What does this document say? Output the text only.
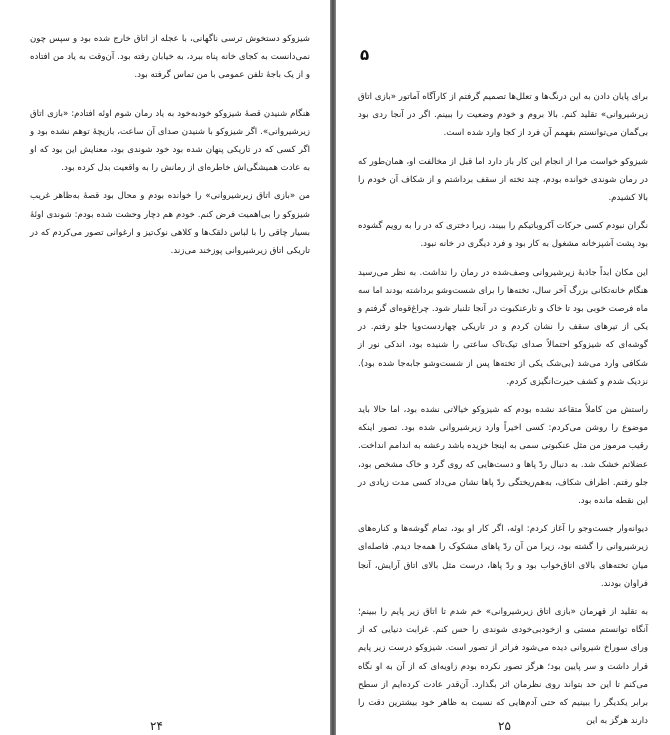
شیزوکو دستخوش ترسی ناگهانی، با عجله از اتاق خارج شده بود و سپس چون نمی‌دانست به کجای خانه پناه ببرد، به خیابان رفته بود. آن‌وقت به یاد من افتاده و از یک باجهٔ تلفن عمومی با من تماس گرفته بود.

هنگام شنیدن قصهٔ شیزوکو خودبه‌خود به یاد رمان شوم اوئه افتادم: «بازی اتاق زیرشیروانی». اگر شیزوکو با شنیدن صدای آن ساعت، بازیچهٔ توهم نشده بود و اگر کسی که در تاریکی پنهان شده بود خود شوندی بود، معنایش این بود که او به عادت همیشگی‌اش خاطره‌ای از رمانش را به واقعیت بدل کرده بود.

من «بازی اتاق زیرشیروانی» را خوانده بودم و محال بود قصهٔ به‌ظاهر غریب شیزوکو را بی‌اهمیت فرض کنم. خودم هم دچار وحشت شده بودم: شوندی اوئهٔ بسیار چاقی را با لباس دلقک‌ها و کلاهی نوک‌تیز و ارغوانی تصور می‌کردم که در تاریکی اتاق زیرشیروانی پوزخند می‌زند.

۲۴
۵

برای پایان دادن به این درنگ‌ها و تعلل‌ها تصمیم گرفتم از کارآگاه آماتور «بازی اتاق زیرشیروانی» تقلید کنم. بالا بروم و خودم وضعیت را ببینم. اگر در آنجا ردی بود بی‌گمان می‌توانستم بفهمم آن فرد از کجا وارد شده است.

شیزوکو خواست مرا از انجام این کار باز دارد اما قبل از مخالفت او، همان‌طور که در رمان شوندی خوانده بودم، چند تخته از سقف برداشتم و از شکاف آن خودم را بالا کشیدم.

نگران نبودم کسی حرکات آکروباتیکم را ببیند، زیرا دختری که در را به رویم گشوده بود پشت آشپزخانه مشغول به کار بود و فرد دیگری در خانه نبود.

این مکان ابداً جاذبهٔ زیرشیروانی وصف‌شده در رمان را نداشت. به نظر می‌رسید هنگام خانه‌تکانی بزرگ آخر سال، تخته‌ها را برای شست‌وشو برداشته بودند اما سه ماه فرصت خوبی بود تا خاک و تارعنکبوت در آنجا تلنبار شود. چراغ‌قوه‌ای گرفتم و یکی از تیرهای سقف را نشان کردم و در تاریکی چهاردست‌وپا جلو رفتم. در گوشه‌ای که شیزوکو احتمالاً صدای تیک‌تاک ساعتی را شنیده بود، اندکی نور از شکافی وارد می‌شد (بی‌شک یکی از تخته‌ها پس از شست‌وشو جابه‌جا شده بود). نزدیک شدم و کشف حیرت‌انگیزی کردم.

راستش من کاملاً متقاعد نشده بودم که شیزوکو خیالاتی نشده بود، اما حالا باید موضوع را روشن می‌کردم: کسی اخیراً وارد زیرشیروانی شده بود. تصور اینکه رقیب مرموز من مثل عنکبوتی سمی به اینجا خزیده باشد رعشه به اندامم انداخت. عضلاتم خشک شد. به دنبال ردّ پاها و دست‌هایی که روی گرد و خاک مشخص بود، جلو رفتم. اطراف شکاف، به‌هم‌ریختگی ردّ پاها نشان می‌داد کسی مدت زیادی در این نقطه مانده بود.

دیوانه‌وار جست‌وجو را آغاز کردم: اوئه، اگر کار او بود، تمام گوشه‌ها و کناره‌های زیرشیروانی را گشته بود، زیرا من آن ردّ پاهای مشکوک را همه‌جا دیدم. فاصله‌ای میان تخته‌های بالای اتاق‌خواب بود و ردّ پاها، درست مثل بالای اتاق آرایش، آنجا فراوان بودند.

به تقلید از قهرمان «بازی اتاق زیرشیروانی» خم شدم تا اتاق زیر پایم را ببینم؛ آنگاه توانستم مستی و ازخودبی‌خودی شوندی را حس کنم. غرابت دنیایی که از ورای سوراخ شیروانی دیده می‌شود فراتر از تصور است. شیزوکو درست زیر پایم قرار داشت و سر پایین بود؛ هرگز تصور نکرده بودم زاویه‌ای که از آن به او نگاه می‌کنم تا این حد بتواند روی نظرمان اثر بگذارد. آن‌قدر عادت کرده‌ایم از سطح برابر یکدیگر را ببینیم که حتی آدم‌هایی که نسبت به ظاهر خود بیشترین دقت را دارند هرگز به این

۲۵
